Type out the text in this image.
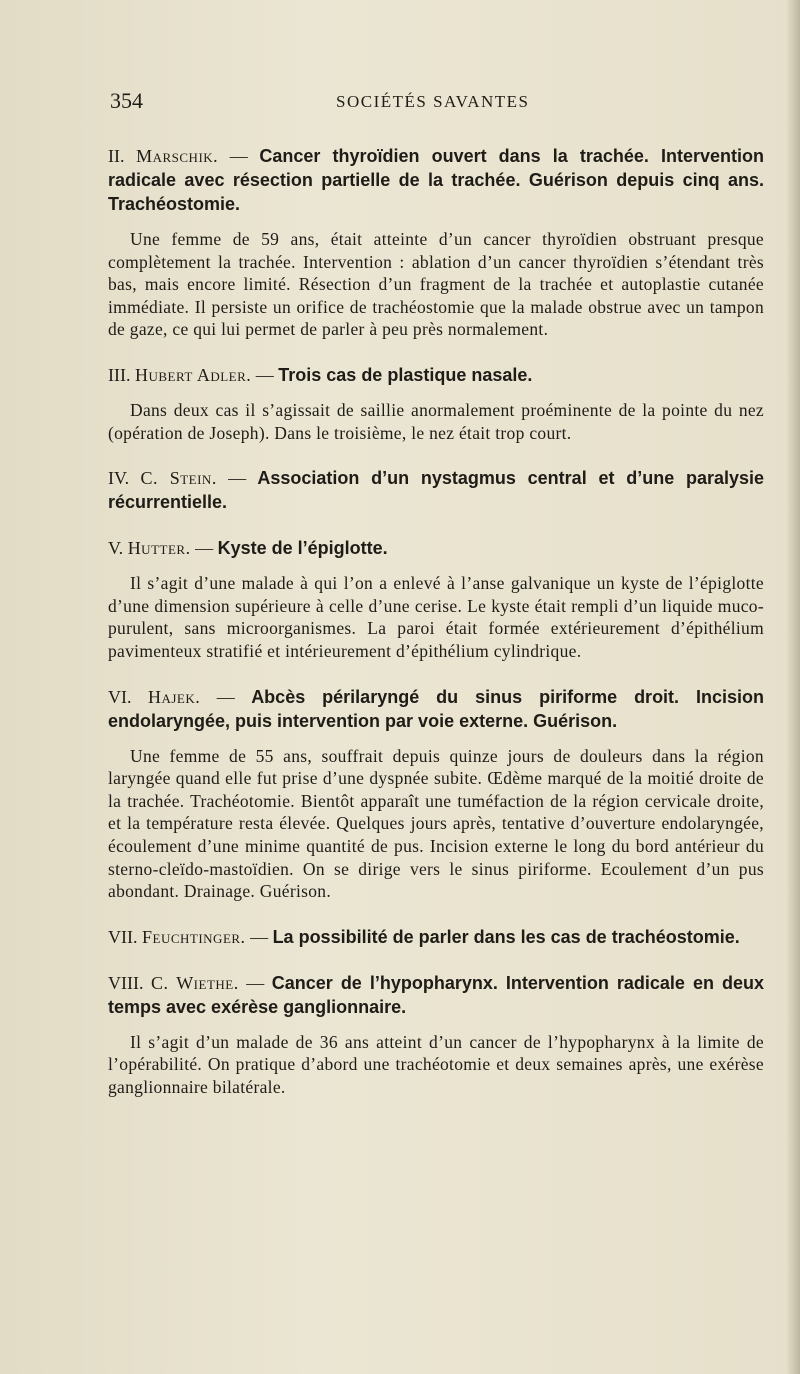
354	SOCIÉTÉS SAVANTES

II. Marschik. — Cancer thyroïdien ouvert dans la trachée. Intervention radicale avec résection partielle de la trachée. Guérison depuis cinq ans. Trachéostomie.

Une femme de 59 ans, était atteinte d’un cancer thyroïdien obstruant presque complètement la trachée. Intervention : ablation d’un cancer thyroïdien s’étendant très bas, mais encore limité. Résection d’un fragment de la trachée et autoplastie cutanée immédiate. Il persiste un orifice de trachéostomie que la malade obstrue avec un tampon de gaze, ce qui lui permet de parler à peu près normalement.

III. Hubert Adler. — Trois cas de plastique nasale.

Dans deux cas il s’agissait de saillie anormalement proéminente de la pointe du nez (opération de Joseph). Dans le troisième, le nez était trop court.

IV. C. Stein. — Association d’un nystagmus central et d’une paralysie récurrentielle.

V. Hutter. — Kyste de l’épiglotte.

Il s’agit d’une malade à qui l’on a enlevé à l’anse galvanique un kyste de l’épiglotte d’une dimension supérieure à celle d’une cerise. Le kyste était rempli d’un liquide muco-purulent, sans microorganismes. La paroi était formée extérieurement d’épithélium pavimenteux stratifié et intérieurement d’épithélium cylindrique.

VI. Hajek. — Abcès périlaryngé du sinus piriforme droit. Incision endolaryngée, puis intervention par voie externe. Guérison.

Une femme de 55 ans, souffrait depuis quinze jours de douleurs dans la région laryngée quand elle fut prise d’une dyspnée subite. Œdème marqué de la moitié droite de la trachée. Trachéotomie. Bientôt apparaît une tuméfaction de la région cervicale droite, et la température resta élevée. Quelques jours après, tentative d’ouverture endolaryngée, écoulement d’une minime quantité de pus. Incision externe le long du bord antérieur du sterno-cleïdo-mastoïdien. On se dirige vers le sinus piriforme. Ecoulement d’un pus abondant. Drainage. Guérison.

VII. Feuchtinger. — La possibilité de parler dans les cas de trachéostomie.

VIII. C. Wiethe. — Cancer de l’hypopharynx. Intervention radicale en deux temps avec exérèse ganglionnaire.

Il s’agit d’un malade de 36 ans atteint d’un cancer de l’hypopharynx à la limite de l’opérabilité. On pratique d’abord une trachéotomie et deux semaines après, une exérèse ganglionnaire bilatérale.
